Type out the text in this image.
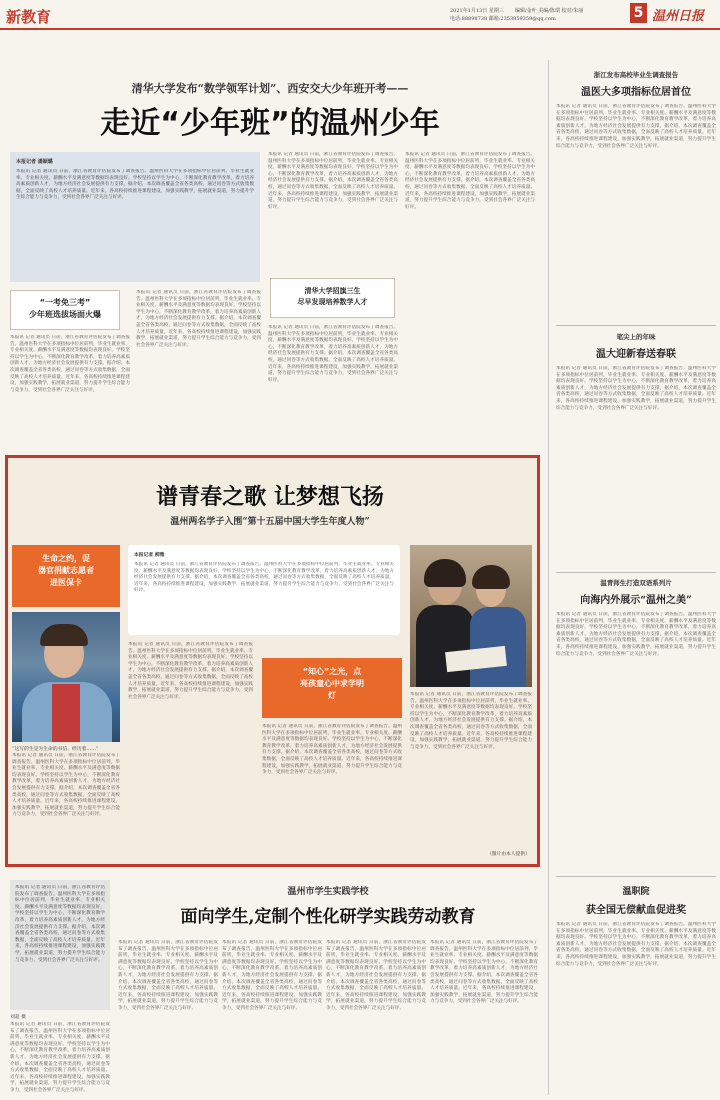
新教育	2021年1月13日 星期三 编辑/金叶 美编/陈瑞 校对/朱丽
电话:88898738 邮箱:2353859359@qq.com	5 温州日报
清华大学发布“数学领军计划”、西安交大少年班开考——
走近“少年班”的温州少年
本报记者 潘颖璐
本报讯 记者 通讯员 日前，浙江省教育评估院发布了调查报告。温州医科大学在多项指标中位居前列，毕业生就业率、专业相关度、薪酬水平及满意度等数据均表现良好。学校坚持以学生为中心，不断深化教育教学改革，着力培养高素质创新人才，为地方经济社会发展提供有力支撑。据介绍，本次调查覆盖全省各类高校，通过问卷等方式收集数据，全面反映了高校人才培养质量。近年来，各高校持续推进课程建设，加强实践教学，拓展就业渠道，努力提升学生综合能力与竞争力，受到社会各界广泛关注与好评。
“一考免三考”
少年班选拔场面火爆
本报讯 记者 通讯员 日前，浙江省教育评估院发布了调查报告。温州医科大学在多项指标中位居前列，毕业生就业率、专业相关度、薪酬水平及满意度等数据均表现良好。学校坚持以学生为中心，不断深化教育教学改革，着力培养高素质创新人才，为地方经济社会发展提供有力支撑。据介绍，本次调查覆盖全省各类高校，通过问卷等方式收集数据，全面反映了高校人才培养质量。近年来，各高校持续推进课程建设，加强实践教学，拓展就业渠道，努力提升学生综合能力与竞争力，受到社会各界广泛关注与好评。
本报讯 记者 通讯员 日前，浙江省教育评估院发布了调查报告。温州医科大学在多项指标中位居前列，毕业生就业率、专业相关度、薪酬水平及满意度等数据均表现良好。学校坚持以学生为中心，不断深化教育教学改革，着力培养高素质创新人才，为地方经济社会发展提供有力支撑。据介绍，本次调查覆盖全省各类高校，通过问卷等方式收集数据，全面反映了高校人才培养质量。近年来，各高校持续推进课程建设，加强实践教学，拓展就业渠道，努力提升学生综合能力与竞争力，受到社会各界广泛关注与好评。
本报讯 记者 通讯员 日前，浙江省教育评估院发布了调查报告。温州医科大学在多项指标中位居前列，毕业生就业率、专业相关度、薪酬水平及满意度等数据均表现良好。学校坚持以学生为中心，不断深化教育教学改革，着力培养高素质创新人才，为地方经济社会发展提供有力支撑。据介绍，本次调查覆盖全省各类高校，通过问卷等方式收集数据，全面反映了高校人才培养质量。近年来，各高校持续推进课程建设，加强实践教学，拓展就业渠道，努力提升学生综合能力与竞争力，受到社会各界广泛关注与好评。
清华大学招旗三生
尽早发现培养数学人才
本报讯 记者 通讯员 日前，浙江省教育评估院发布了调查报告。温州医科大学在多项指标中位居前列，毕业生就业率、专业相关度、薪酬水平及满意度等数据均表现良好。学校坚持以学生为中心，不断深化教育教学改革，着力培养高素质创新人才，为地方经济社会发展提供有力支撑。据介绍，本次调查覆盖全省各类高校，通过问卷等方式收集数据，全面反映了高校人才培养质量。近年来，各高校持续推进课程建设，加强实践教学，拓展就业渠道，努力提升学生综合能力与竞争力，受到社会各界广泛关注与好评。
本报讯 记者 通讯员 日前，浙江省教育评估院发布了调查报告。温州医科大学在多项指标中位居前列，毕业生就业率、专业相关度、薪酬水平及满意度等数据均表现良好。学校坚持以学生为中心，不断深化教育教学改革，着力培养高素质创新人才，为地方经济社会发展提供有力支撑。据介绍，本次调查覆盖全省各类高校，通过问卷等方式收集数据，全面反映了高校人才培养质量。近年来，各高校持续推进课程建设，加强实践教学，拓展就业渠道，努力提升学生综合能力与竞争力，受到社会各界广泛关注与好评。
谱青春之歌 让梦想飞扬
温州两名学子入围“第十五届中国大学生年度人物”
生命之约，促
器官捐献志愿者
进医保卡
“这写的生是为生命的书信，经历着……”
本报讯 记者 通讯员 日前，浙江省教育评估院发布了调查报告。温州医科大学在多项指标中位居前列，毕业生就业率、专业相关度、薪酬水平及满意度等数据均表现良好。学校坚持以学生为中心，不断深化教育教学改革，着力培养高素质创新人才，为地方经济社会发展提供有力支撑。据介绍，本次调查覆盖全省各类高校，通过问卷等方式收集数据，全面反映了高校人才培养质量。近年来，各高校持续推进课程建设，加强实践教学，拓展就业渠道，努力提升学生综合能力与竞争力，受到社会各界广泛关注与好评。
本报记者 柳雅
本报讯 记者 通讯员 日前，浙江省教育评估院发布了调查报告。温州医科大学在多项指标中位居前列，毕业生就业率、专业相关度、薪酬水平及满意度等数据均表现良好。学校坚持以学生为中心，不断深化教育教学改革，着力培养高素质创新人才，为地方经济社会发展提供有力支撑。据介绍，本次调查覆盖全省各类高校，通过问卷等方式收集数据，全面反映了高校人才培养质量。近年来，各高校持续推进课程建设，加强实践教学，拓展就业渠道，努力提升学生综合能力与竞争力，受到社会各界广泛关注与好评。
本报讯 记者 通讯员 日前，浙江省教育评估院发布了调查报告。温州医科大学在多项指标中位居前列，毕业生就业率、专业相关度、薪酬水平及满意度等数据均表现良好。学校坚持以学生为中心，不断深化教育教学改革，着力培养高素质创新人才，为地方经济社会发展提供有力支撑。据介绍，本次调查覆盖全省各类高校，通过问卷等方式收集数据，全面反映了高校人才培养质量。近年来，各高校持续推进课程建设，加强实践教学，拓展就业渠道，努力提升学生综合能力与竞争力，受到社会各界广泛关注与好评。
“知心”之光，点
亮孩童心中求学明
灯
本报讯 记者 通讯员 日前，浙江省教育评估院发布了调查报告。温州医科大学在多项指标中位居前列，毕业生就业率、专业相关度、薪酬水平及满意度等数据均表现良好。学校坚持以学生为中心，不断深化教育教学改革，着力培养高素质创新人才，为地方经济社会发展提供有力支撑。据介绍，本次调查覆盖全省各类高校，通过问卷等方式收集数据，全面反映了高校人才培养质量。近年来，各高校持续推进课程建设，加强实践教学，拓展就业渠道，努力提升学生综合能力与竞争力，受到社会各界广泛关注与好评。
本报讯 记者 通讯员 日前，浙江省教育评估院发布了调查报告。温州医科大学在多项指标中位居前列，毕业生就业率、专业相关度、薪酬水平及满意度等数据均表现良好。学校坚持以学生为中心，不断深化教育教学改革，着力培养高素质创新人才，为地方经济社会发展提供有力支撑。据介绍，本次调查覆盖全省各类高校，通过问卷等方式收集数据，全面反映了高校人才培养质量。近年来，各高校持续推进课程建设，加强实践教学，拓展就业渠道，努力提升学生综合能力与竞争力，受到社会各界广泛关注与好评。
（图片由本人提供）
本报讯 记者 通讯员 日前，浙江省教育评估院发布了调查报告。温州医科大学在多项指标中位居前列，毕业生就业率、专业相关度、薪酬水平及满意度等数据均表现良好。学校坚持以学生为中心，不断深化教育教学改革，着力培养高素质创新人才，为地方经济社会发展提供有力支撑。据介绍，本次调查覆盖全省各类高校，通过问卷等方式收集数据，全面反映了高校人才培养质量。近年来，各高校持续推进课程建设，加强实践教学，拓展就业渠道，努力提升学生综合能力与竞争力，受到社会各界广泛关注与好评。
刘超 摄
本报讯 记者 通讯员 日前，浙江省教育评估院发布了调查报告。温州医科大学在多项指标中位居前列，毕业生就业率、专业相关度、薪酬水平及满意度等数据均表现良好。学校坚持以学生为中心，不断深化教育教学改革，着力培养高素质创新人才，为地方经济社会发展提供有力支撑。据介绍，本次调查覆盖全省各类高校，通过问卷等方式收集数据，全面反映了高校人才培养质量。近年来，各高校持续推进课程建设，加强实践教学，拓展就业渠道，努力提升学生综合能力与竞争力，受到社会各界广泛关注与好评。
温州市学生实践学校
面向学生,定制个性化研学实践劳动教育
本报讯 记者 通讯员 日前，浙江省教育评估院发布了调查报告。温州医科大学在多项指标中位居前列，毕业生就业率、专业相关度、薪酬水平及满意度等数据均表现良好。学校坚持以学生为中心，不断深化教育教学改革，着力培养高素质创新人才，为地方经济社会发展提供有力支撑。据介绍，本次调查覆盖全省各类高校，通过问卷等方式收集数据，全面反映了高校人才培养质量。近年来，各高校持续推进课程建设，加强实践教学，拓展就业渠道，努力提升学生综合能力与竞争力，受到社会各界广泛关注与好评。
本报讯 记者 通讯员 日前，浙江省教育评估院发布了调查报告。温州医科大学在多项指标中位居前列，毕业生就业率、专业相关度、薪酬水平及满意度等数据均表现良好。学校坚持以学生为中心，不断深化教育教学改革，着力培养高素质创新人才，为地方经济社会发展提供有力支撑。据介绍，本次调查覆盖全省各类高校，通过问卷等方式收集数据，全面反映了高校人才培养质量。近年来，各高校持续推进课程建设，加强实践教学，拓展就业渠道，努力提升学生综合能力与竞争力，受到社会各界广泛关注与好评。
本报讯 记者 通讯员 日前，浙江省教育评估院发布了调查报告。温州医科大学在多项指标中位居前列，毕业生就业率、专业相关度、薪酬水平及满意度等数据均表现良好。学校坚持以学生为中心，不断深化教育教学改革，着力培养高素质创新人才，为地方经济社会发展提供有力支撑。据介绍，本次调查覆盖全省各类高校，通过问卷等方式收集数据，全面反映了高校人才培养质量。近年来，各高校持续推进课程建设，加强实践教学，拓展就业渠道，努力提升学生综合能力与竞争力，受到社会各界广泛关注与好评。
本报讯 记者 通讯员 日前，浙江省教育评估院发布了调查报告。温州医科大学在多项指标中位居前列，毕业生就业率、专业相关度、薪酬水平及满意度等数据均表现良好。学校坚持以学生为中心，不断深化教育教学改革，着力培养高素质创新人才，为地方经济社会发展提供有力支撑。据介绍，本次调查覆盖全省各类高校，通过问卷等方式收集数据，全面反映了高校人才培养质量。近年来，各高校持续推进课程建设，加强实践教学，拓展就业渠道，努力提升学生综合能力与竞争力，受到社会各界广泛关注与好评。
浙江发布高校毕业生调查报告
温医大多项指标位居首位
本报讯 记者 通讯员 日前，浙江省教育评估院发布了调查报告。温州医科大学在多项指标中位居前列，毕业生就业率、专业相关度、薪酬水平及满意度等数据均表现良好。学校坚持以学生为中心，不断深化教育教学改革，着力培养高素质创新人才，为地方经济社会发展提供有力支撑。据介绍，本次调查覆盖全省各类高校，通过问卷等方式收集数据，全面反映了高校人才培养质量。近年来，各高校持续推进课程建设，加强实践教学，拓展就业渠道，努力提升学生综合能力与竞争力，受到社会各界广泛关注与好评。
笔尖上的年味
温大迎新春送春联
本报讯 记者 通讯员 日前，浙江省教育评估院发布了调查报告。温州医科大学在多项指标中位居前列，毕业生就业率、专业相关度、薪酬水平及满意度等数据均表现良好。学校坚持以学生为中心，不断深化教育教学改革，着力培养高素质创新人才，为地方经济社会发展提供有力支撑。据介绍，本次调查覆盖全省各类高校，通过问卷等方式收集数据，全面反映了高校人才培养质量。近年来，各高校持续推进课程建设，加强实践教学，拓展就业渠道，努力提升学生综合能力与竞争力，受到社会各界广泛关注与好评。
温青师生打造双语系列片
向海内外展示“温州之美”
本报讯 记者 通讯员 日前，浙江省教育评估院发布了调查报告。温州医科大学在多项指标中位居前列，毕业生就业率、专业相关度、薪酬水平及满意度等数据均表现良好。学校坚持以学生为中心，不断深化教育教学改革，着力培养高素质创新人才，为地方经济社会发展提供有力支撑。据介绍，本次调查覆盖全省各类高校，通过问卷等方式收集数据，全面反映了高校人才培养质量。近年来，各高校持续推进课程建设，加强实践教学，拓展就业渠道，努力提升学生综合能力与竞争力，受到社会各界广泛关注与好评。
温职院
获全国无偿献血促进奖
本报讯 记者 通讯员 日前，浙江省教育评估院发布了调查报告。温州医科大学在多项指标中位居前列，毕业生就业率、专业相关度、薪酬水平及满意度等数据均表现良好。学校坚持以学生为中心，不断深化教育教学改革，着力培养高素质创新人才，为地方经济社会发展提供有力支撑。据介绍，本次调查覆盖全省各类高校，通过问卷等方式收集数据，全面反映了高校人才培养质量。近年来，各高校持续推进课程建设，加强实践教学，拓展就业渠道，努力提升学生综合能力与竞争力，受到社会各界广泛关注与好评。
